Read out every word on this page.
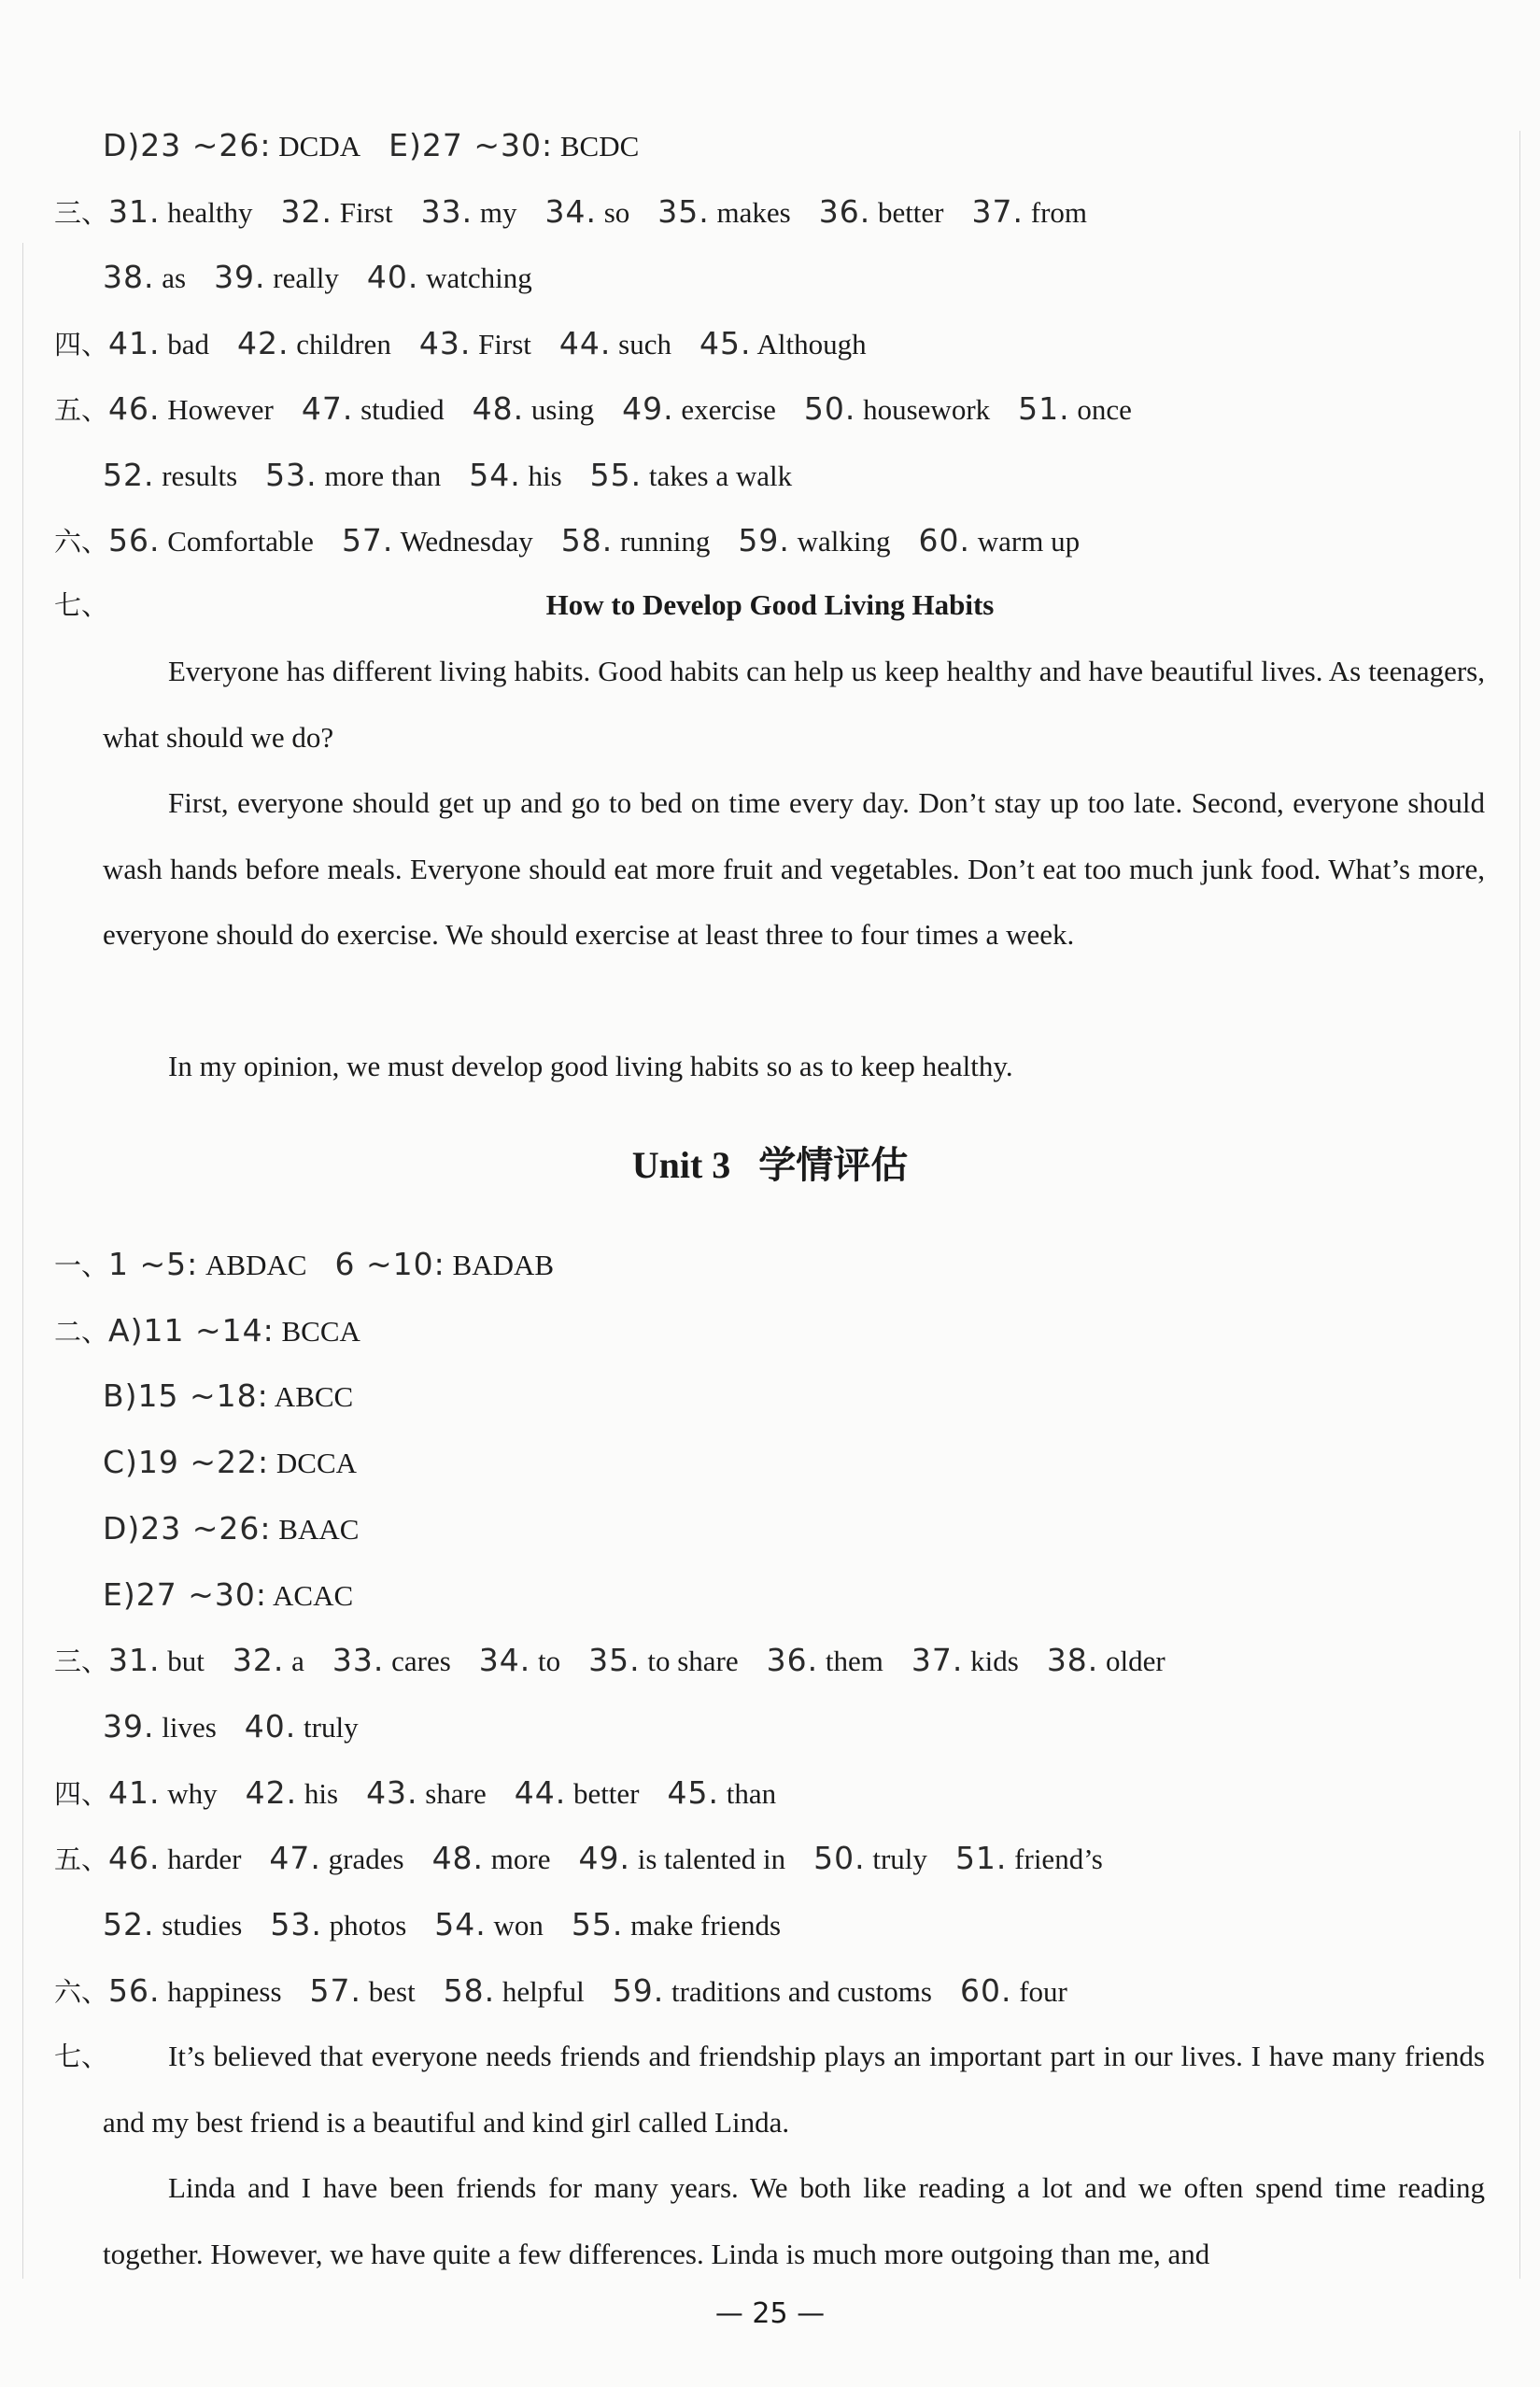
D)23 ~26: DCDA E)27 ~30: BCDC
三、31. healthy 32. First 33. my 34. so 35. makes 36. better 37. from
38. as 39. really 40. watching
四、41. bad 42. children 43. First 44. such 45. Although
五、46. However 47. studied 48. using 49. exercise 50. housework 51. once
52. results 53. more than 54. his 55. takes a walk
六、56. Comfortable 57. Wednesday 58. running 59. walking 60. warm up
七、	How to Develop Good Living Habits
Everyone has different living habits. Good habits can help us keep healthy and have beautiful lives. As teenagers, what should we do?
First, everyone should get up and go to bed on time every day. Don’t stay up too late. Second, everyone should wash hands before meals. Everyone should eat more fruit and vegetables. Don’t eat too much junk food. What’s more, everyone should do exercise. We should exercise at least three to four times a week.
In my opinion, we must develop good living habits so as to keep healthy.
Unit 3 学情评估
一、1 ~5: ABDAC 6 ~10: BADAB
二、A)11 ~14: BCCA
B)15 ~18: ABCC
C)19 ~22: DCCA
D)23 ~26: BAAC
E)27 ~30: ACAC
三、31. but 32. a 33. cares 34. to 35. to share 36. them 37. kids 38. older
39. lives 40. truly
四、41. why 42. his 43. share 44. better 45. than
五、46. harder 47. grades 48. more 49. is talented in 50. truly 51. friend’s
52. studies 53. photos 54. won 55. make friends
六、56. happiness 57. best 58. helpful 59. traditions and customs 60. four
七、	It’s believed that everyone needs friends and friendship plays an important part in our lives. I have many friends and my best friend is a beautiful and kind girl called Linda.
Linda and I have been friends for many years. We both like reading a lot and we often spend time reading together. However, we have quite a few differences. Linda is much more outgoing than me, and
— 25 —
